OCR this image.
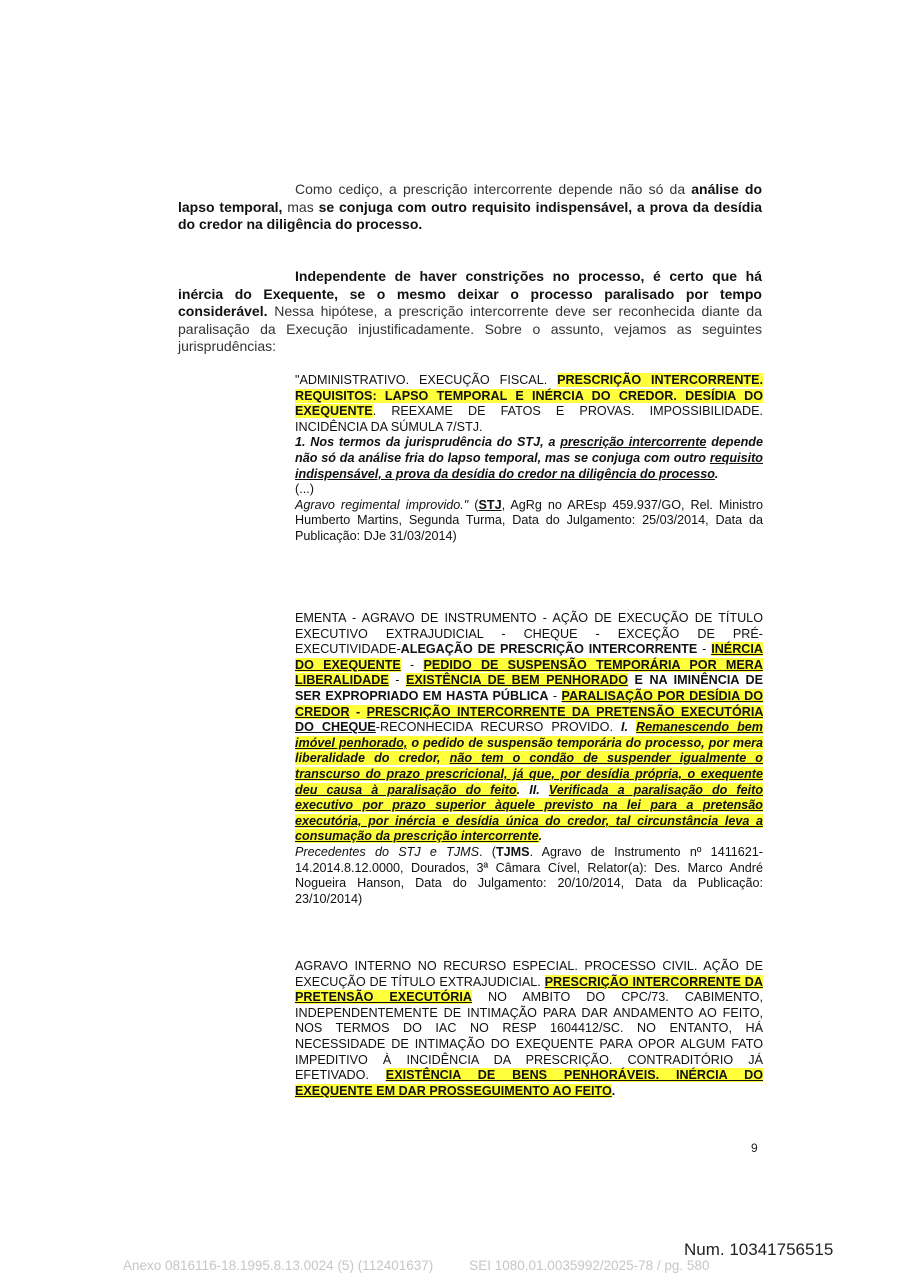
Como cediço, a prescrição intercorrente depende não só da análise do lapso temporal, mas se conjuga com outro requisito indispensável, a prova da desídia do credor na diligência do processo.
Independente de haver constrições no processo, é certo que há inércia do Exequente, se o mesmo deixar o processo paralisado por tempo considerável. Nessa hipótese, a prescrição intercorrente deve ser reconhecida diante da paralisação da Execução injustificadamente. Sobre o assunto, vejamos as seguintes jurisprudências:
"ADMINISTRATIVO. EXECUÇÃO FISCAL. PRESCRIÇÃO INTERCORRENTE. REQUISITOS: LAPSO TEMPORAL E INÉRCIA DO CREDOR. DESÍDIA DO EXEQUENTE. REEXAME DE FATOS E PROVAS. IMPOSSIBILIDADE. INCIDÊNCIA DA SÚMULA 7/STJ.
1. Nos termos da jurisprudência do STJ, a prescrição intercorrente depende não só da análise fria do lapso temporal, mas se conjuga com outro requisito indispensável, a prova da desídia do credor na diligência do processo.
(...)
Agravo regimental improvido." (STJ, AgRg no AREsp 459.937/GO, Rel. Ministro Humberto Martins, Segunda Turma, Data do Julgamento: 25/03/2014, Data da Publicação: DJe 31/03/2014)
EMENTA - AGRAVO DE INSTRUMENTO - AÇÃO DE EXECUÇÃO DE TÍTULO EXECUTIVO EXTRAJUDICIAL - CHEQUE - EXCEÇÃO DE PRÉ-EXECUTIVIDADE-ALEGAÇÃO DE PRESCRIÇÃO INTERCORRENTE - INÉRCIA DO EXEQUENTE - PEDIDO DE SUSPENSÃO TEMPORÁRIA POR MERA LIBERALIDADE - EXISTÊNCIA DE BEM PENHORADO E NA IMINÊNCIA DE SER EXPROPRIADO EM HASTA PÚBLICA - PARALISAÇÃO POR DESÍDIA DO CREDOR - PRESCRIÇÃO INTERCORRENTE DA PRETENSÃO EXECUTÓRIA DO CHEQUE-RECONHECIDA RECURSO PROVIDO. I. Remanescendo bem imóvel penhorado, o pedido de suspensão temporária do processo, por mera liberalidade do credor, não tem o condão de suspender igualmente o transcurso do prazo prescricional, já que, por desídia própria, o exequente deu causa à paralisação do feito. II. Verificada a paralisação do feito executivo por prazo superior àquele previsto na lei para a pretensão executória, por inércia e desídia única do credor, tal circunstância leva a consumação da prescrição intercorrente.
Precedentes do STJ e TJMS. (TJMS. Agravo de Instrumento nº 1411621-14.2014.8.12.0000, Dourados, 3ª Câmara Cível, Relator(a): Des. Marco André Nogueira Hanson, Data do Julgamento: 20/10/2014, Data da Publicação: 23/10/2014)
AGRAVO INTERNO NO RECURSO ESPECIAL. PROCESSO CIVIL. AÇÃO DE EXECUÇÃO DE TÍTULO EXTRAJUDICIAL. PRESCRIÇÃO INTERCORRENTE DA PRETENSÃO EXECUTÓRIA NO AMBITO DO CPC/73. CABIMENTO, INDEPENDENTEMENTE DE INTIMAÇÃO PARA DAR ANDAMENTO AO FEITO, NOS TERMOS DO IAC NO RESP 1604412/SC. NO ENTANTO, HÁ NECESSIDADE DE INTIMAÇÃO DO EXEQUENTE PARA OPOR ALGUM FATO IMPEDITIVO À INCIDÊNCIA DA PRESCRIÇÃO. CONTRADITÓRIO JÁ EFETIVADO. EXISTÊNCIA DE BENS PENHORÁVEIS. INÉRCIA DO EXEQUENTE EM DAR PROSSEGUIMENTO AO FEITO.
9
Num. 10341756515
Anexo 0816116-18.1995.8.13.0024 (5) (112401637)	SEI 1080.01.0035992/2025-78 / pg. 580
